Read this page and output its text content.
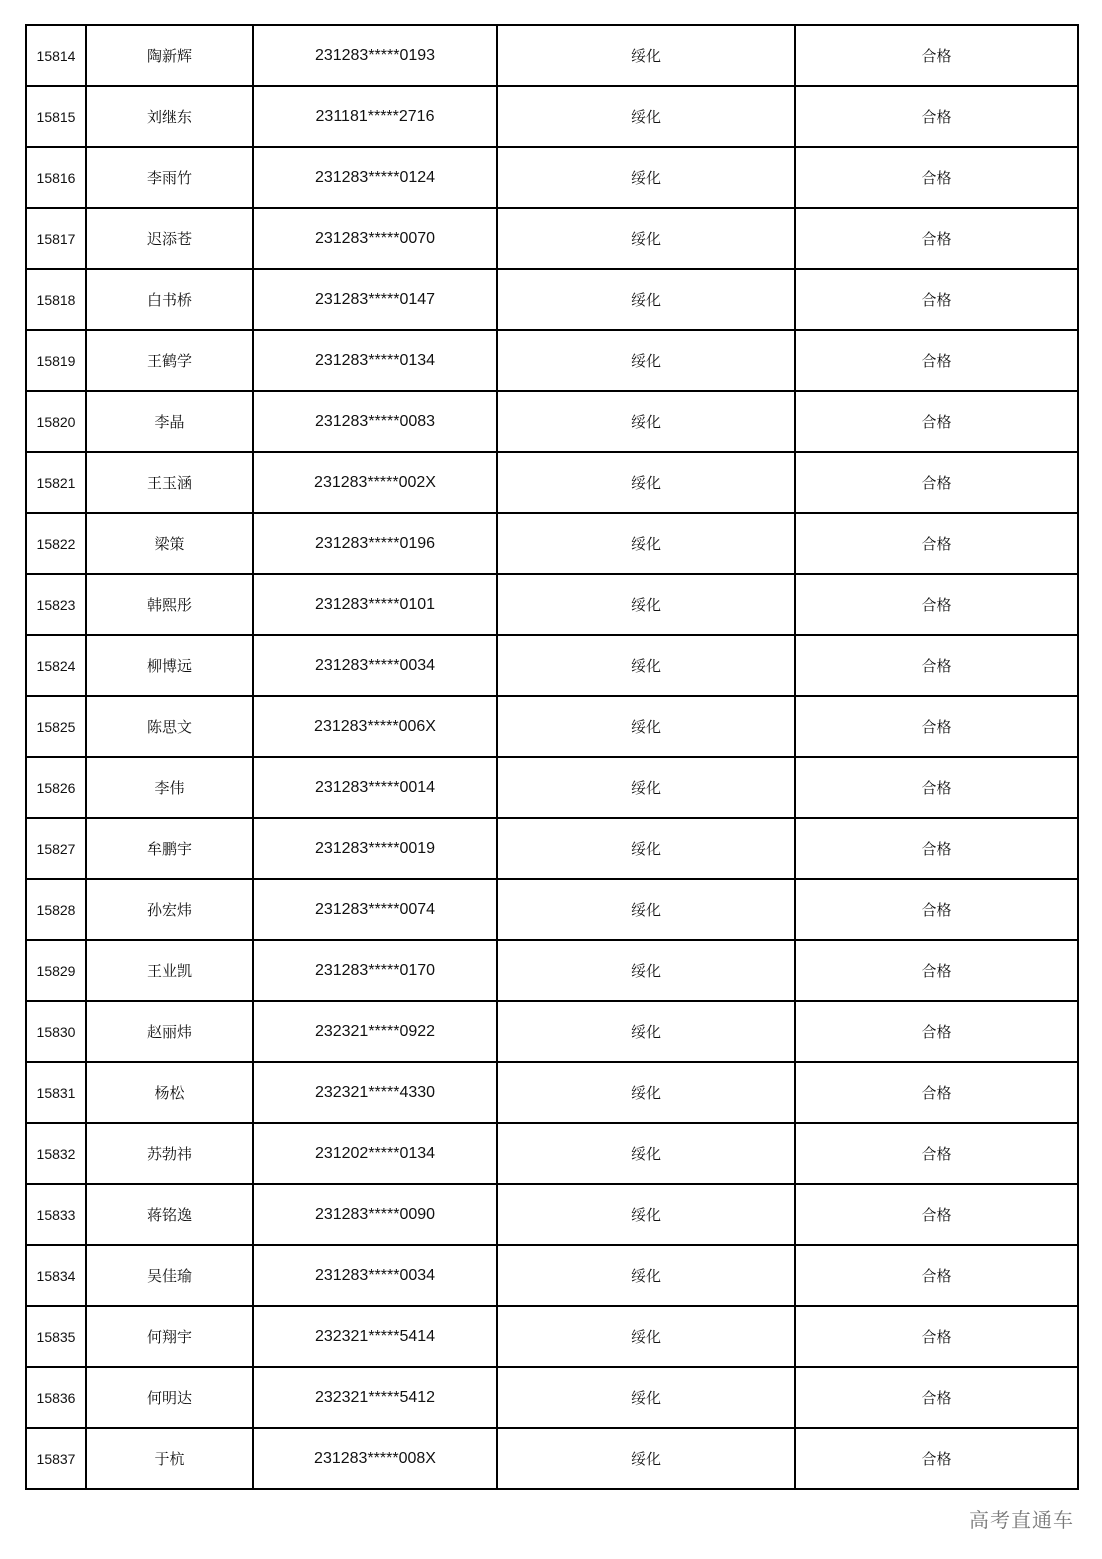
15814	陶新辉	231283*****0193	绥化	合格
15815	刘继东	231181*****2716	绥化	合格
15816	李雨竹	231283*****0124	绥化	合格
15817	迟添苍	231283*****0070	绥化	合格
15818	白书桥	231283*****0147	绥化	合格
15819	王鹤学	231283*****0134	绥化	合格
15820	李晶	231283*****0083	绥化	合格
15821	王玉涵	231283*****002X	绥化	合格
15822	梁策	231283*****0196	绥化	合格
15823	韩熙彤	231283*****0101	绥化	合格
15824	柳博远	231283*****0034	绥化	合格
15825	陈思文	231283*****006X	绥化	合格
15826	李伟	231283*****0014	绥化	合格
15827	牟鹏宇	231283*****0019	绥化	合格
15828	孙宏炜	231283*****0074	绥化	合格
15829	王业凯	231283*****0170	绥化	合格
15830	赵丽炜	232321*****0922	绥化	合格
15831	杨松	232321*****4330	绥化	合格
15832	苏勃祎	231202*****0134	绥化	合格
15833	蒋铭逸	231283*****0090	绥化	合格
15834	吴佳瑜	231283*****0034	绥化	合格
15835	何翔宇	232321*****5414	绥化	合格
15836	何明达	232321*****5412	绥化	合格
15837	于杭	231283*****008X	绥化	合格
高考直通车
